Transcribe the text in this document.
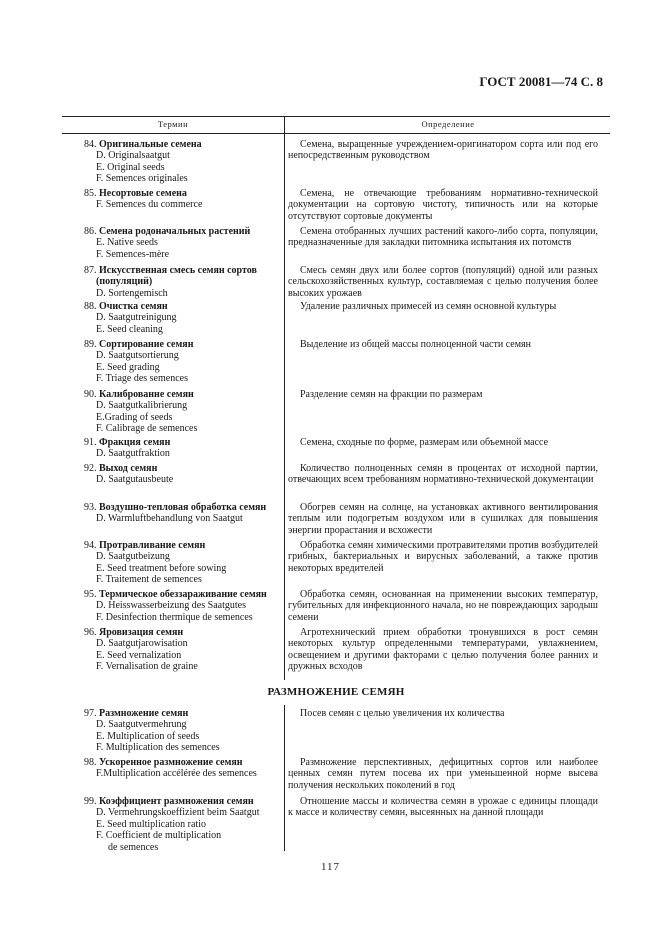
ГОСТ 20081—74 С. 8
Термин	Определение
84. Оригинальные семена
D. Originalsaatgut
E. Original seeds
F. Semences originales
Семена, выращенные учреждением-оригинатором сорта или под его непосредственным руководством
85. Несортовые семена
F. Semences du commerce
Семена, не отвечающие требованиям нормативно-технической документации на сортовую чистоту, типичность или на которые отсутствуют сортовые документы
86. Семена родоначальных растений
E. Native seeds
F. Semences-mère
Семена отобранных лучших растений какого-либо сорта, популяции, предназначенные для закладки питомника испытания их потомств
87. Искусственная смесь семян сортов
(популяций)
D. Sortengemisch
Смесь семян двух или более сортов (популяций) одной или разных сельскохозяйственных культур, составляемая с целью получения более высоких урожаев
88. Очистка семян
D. Saatgutreinigung
E. Seed cleaning
Удаление различных примесей из семян основной культуры
89. Сортирование семян
D. Saatgutsortierung
E. Seed grading
F. Triage des semences
Выделение из общей массы полноценной части семян
90. Калиброванне семян
D. Saatgutkalibrierung
E.Grading of seeds
F. Calibrage de semences
Разделение семян на фракции по размерам
91. Фракция семян
D. Saatgutfraktion
Семена, сходные по форме, размерам или объемной массе
92. Выход семян
D. Saatgutausbeute
Количество полноценных семян в процентах от исходной партии, отвечающих всем требованиям нормативно-технической документации
93. Воздушно-тепловая обработка семян
D. Warmluftbehandlung von Saatgut
Обогрев семян на солнце, на установках активного вентилирования теплым или подогретым воздухом или в сушилках для повышения энергии прорастания и всхожести
94. Протравливание семян
D. Saatgutbeizung
E. Seed treatment before sowing
F. Traitement de semences
Обработка семян химическими протравителями против возбудителей грибных, бактериальных и вирусных заболеваний, а также против некоторых вредителей
95. Термическое обеззараживание семян
D. Heisswasserbeizung des Saatgutes
F. Desinfection thermique de semences
Обработка семян, основанная на применении высоких температур, губительных для инфекционного начала, но не повреждающих зародыш семени
96. Яровизация семян
D. Saatgutjarowisation
E. Seed vernalization
F. Vernalisation de graine
Агротехнический прием обработки тронувшихся в рост семян некоторых культур определенными температурами, увлажнением, освещением и другими факторами с целью получения более ранних и дружных всходов
РАЗМНОЖЕНИЕ СЕМЯН
97. Размножение семян
D. Saatgutvermehrung
E. Multiplication of seeds
F. Multiplication des semences
Посев семян с целью увеличения их количества
98. Ускоренное размножение семян
F.Multiplication accélérée des semences
Размножение перспективных, дефицитных сортов или наиболее ценных семян путем посева их при уменьшенной норме высева получения нескольких поколений в год
99. Коэффициент размножения семян
D. Vermehrungskoeffizient beim Saatgut
E. Seed multiplication ratio
F. Coefficient de multiplication
de semences
Отношение массы и количества семян в урожае с единицы площади к массе и количеству семян, высеянных на данной площади
117
